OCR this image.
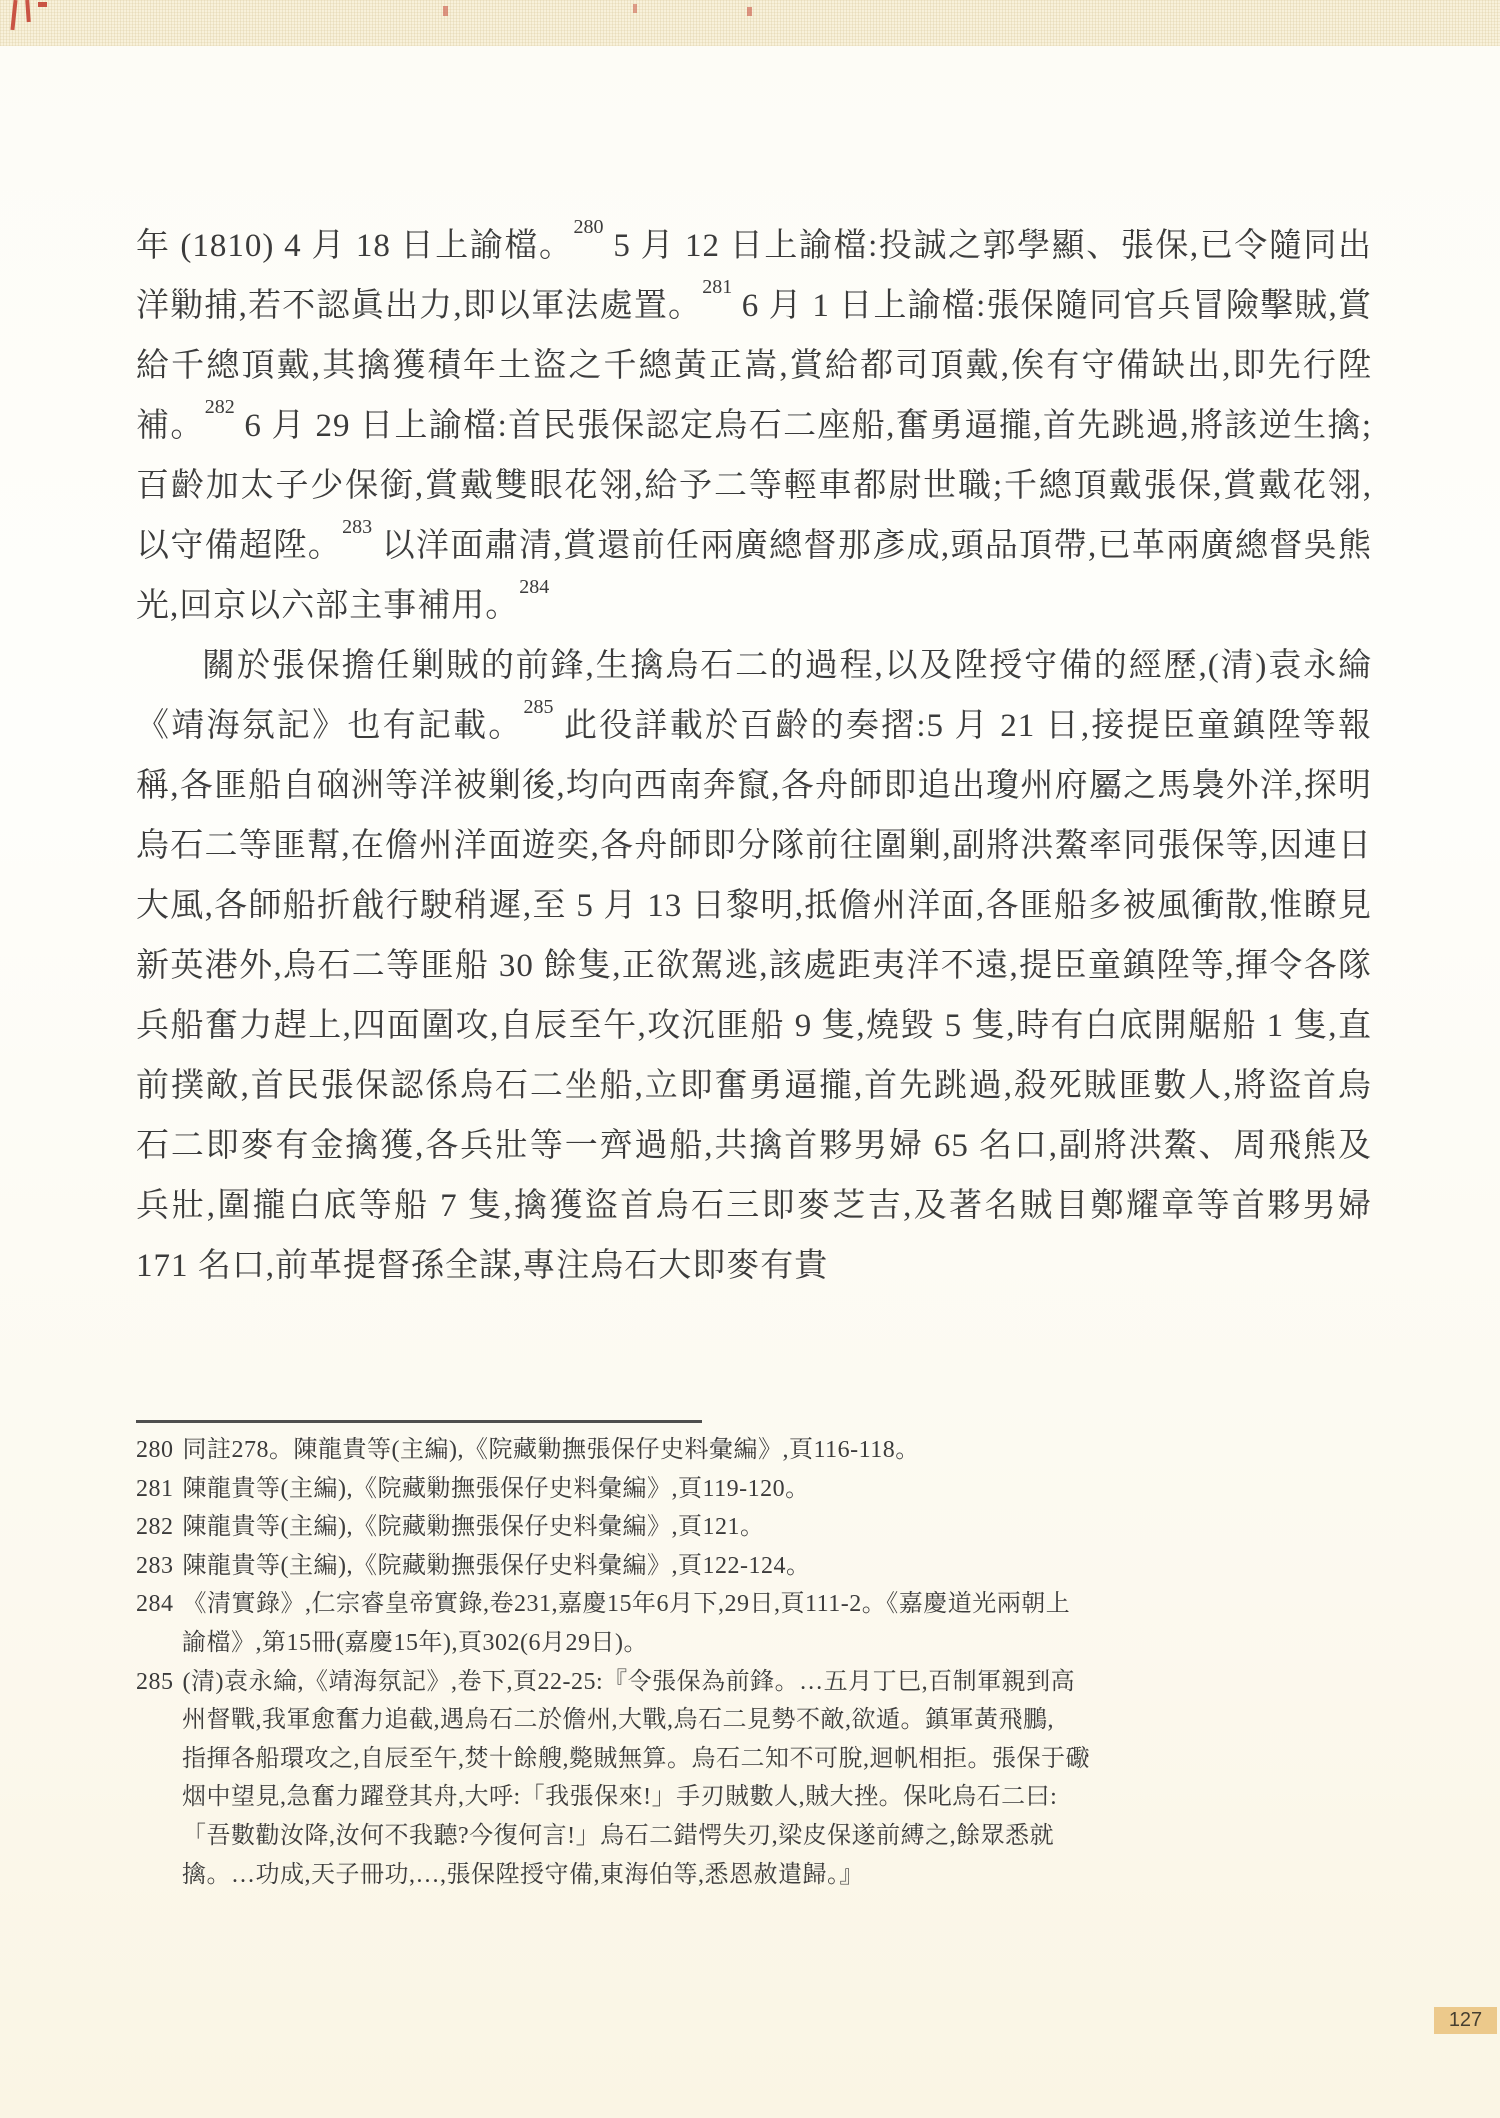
年 (1810) 4 月 18 日上諭檔。$^{280}$ 5 月 12 日上諭檔:投誠之郭學顯、張保,已令隨同出洋勦捕,若不認眞出力,即以軍法處置。$^{281}$ 6 月 1 日上諭檔:張保隨同官兵冒險擊賊,賞給千總頂戴,其擒獲積年土盜之千總黃正嵩,賞給都司頂戴,俟有守備缺出,即先行陞補。$^{282}$ 6 月 29 日上諭檔:首民張保認定烏石二座船,奮勇逼攏,首先跳過,將該逆生擒;百齡加太子少保銜,賞戴雙眼花翎,給予二等輕車都尉世職;千總頂戴張保,賞戴花翎,以守備超陞。$^{283}$ 以洋面肅清,賞還前任兩廣總督那彥成,頭品頂帶,已革兩廣總督吳熊光,回京以六部主事補用。$^{284}$

關於張保擔任剿賊的前鋒,生擒烏石二的過程,以及陞授守備的經歷,(清)袁永綸《靖海氛記》也有記載。$^{285}$ 此役詳載於百齡的奏摺:5 月 21 日,接提臣童鎮陞等報稱,各匪船自硇洲等洋被剿後,均向西南奔竄,各舟師即追出瓊州府屬之馬裊外洋,探明烏石二等匪幫,在儋州洋面遊奕,各舟師即分隊前往圍剿,副將洪鰲率同張保等,因連日大風,各師船折戧行駛稍遲,至 5 月 13 日黎明,抵儋州洋面,各匪船多被風衝散,惟瞭見新英港外,烏石二等匪船 30 餘隻,正欲駕逃,該處距夷洋不遠,提臣童鎮陞等,揮令各隊兵船奮力趕上,四面圍攻,自辰至午,攻沉匪船 9 隻,燒毀 5 隻,時有白底開艍船 1 隻,直前撲敵,首民張保認係烏石二坐船,立即奮勇逼攏,首先跳過,殺死賊匪數人,將盜首烏石二即麥有金擒獲,各兵壯等一齊過船,共擒首夥男婦 65 名口,副將洪鰲、周飛熊及兵壯,圍攏白底等船 7 隻,擒獲盜首烏石三即麥芝吉,及著名賊目鄭耀章等首夥男婦 171 名口,前革提督孫全謀,專注烏石大即麥有貴

280 同註278。陳龍貴等(主編),《院藏勦撫張保仔史料彙編》,頁116-118。
281 陳龍貴等(主編),《院藏勦撫張保仔史料彙編》,頁119-120。
282 陳龍貴等(主編),《院藏勦撫張保仔史料彙編》,頁121。
283 陳龍貴等(主編),《院藏勦撫張保仔史料彙編》,頁122-124。
284 《清實錄》,仁宗睿皇帝實錄,卷231,嘉慶15年6月下,29日,頁111-2。《嘉慶道光兩朝上
諭檔》,第15冊(嘉慶15年),頁302(6月29日)。
285 (清)袁永綸,《靖海氛記》,卷下,頁22-25:『令張保為前鋒。…五月丁巳,百制軍親到高
州督戰,我軍愈奮力追截,遇烏石二於儋州,大戰,烏石二見勢不敵,欲遁。鎮軍黃飛鵬,
指揮各船環攻之,自辰至午,焚十餘艘,斃賊無算。烏石二知不可脫,迴帆相拒。張保于礮
烟中望見,急奮力躍登其舟,大呼:「我張保來!」手刃賊數人,賊大挫。保叱烏石二曰:
「吾數勸汝降,汝何不我聽?今復何言!」烏石二錯愕失刃,梁皮保遂前縛之,餘眾悉就
擒。…功成,天子冊功,…,張保陞授守備,東海伯等,悉恩赦遣歸。』
127
